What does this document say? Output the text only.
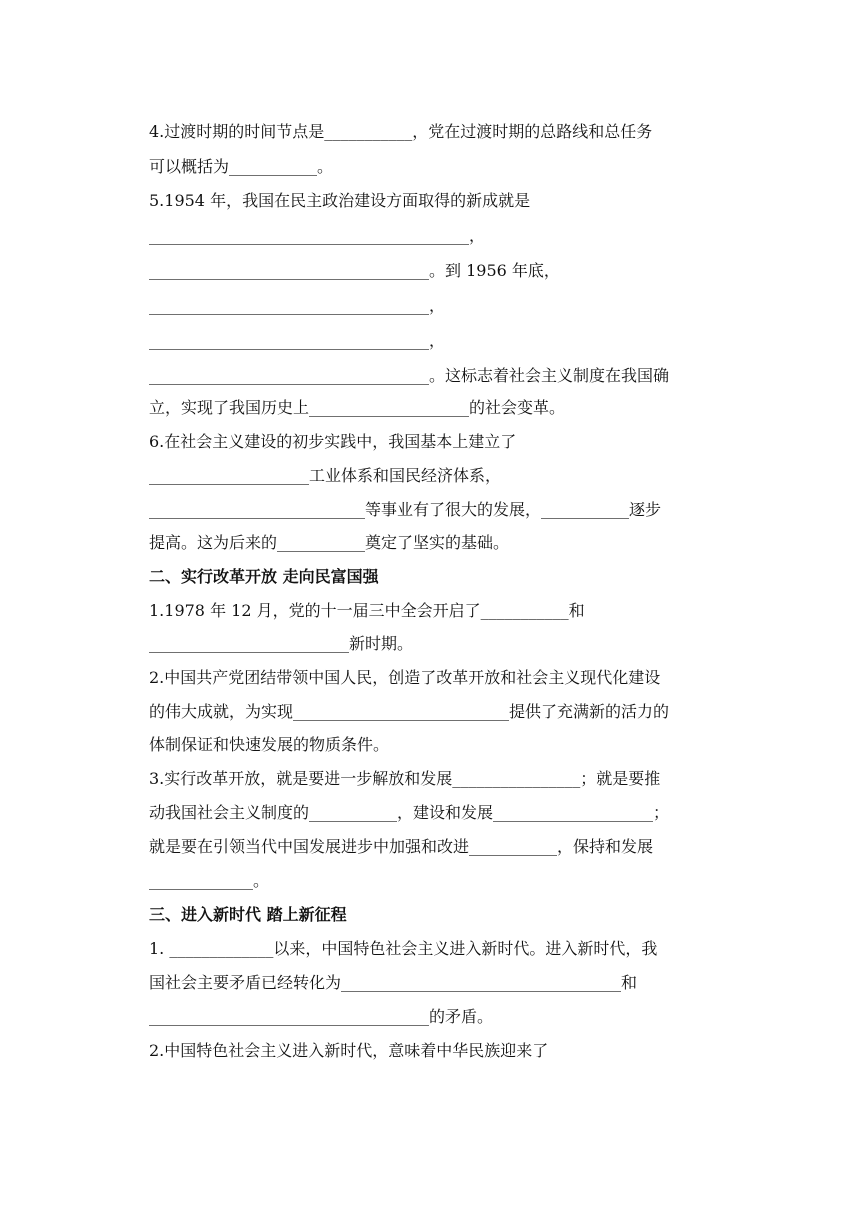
4.过渡时期的时间节点是___________，党在过渡时期的总路线和总任务
可以概括为___________。
5.1954 年，我国在民主政治建设方面取得的新成就是
________________________________________，
___________________________________。到 1956 年底，
___________________________________，
___________________________________，
___________________________________。这标志着社会主义制度在我国确
立，实现了我国历史上____________________的社会变革。
6.在社会主义建设的初步实践中，我国基本上建立了
____________________工业体系和国民经济体系，
___________________________等事业有了很大的发展，___________逐步
提高。这为后来的___________奠定了坚实的基础。
二、实行改革开放 走向民富国强
1.1978 年 12 月，党的十一届三中全会开启了___________和
_________________________新时期。
2.中国共产党团结带领中国人民，创造了改革开放和社会主义现代化建设
的伟大成就，为实现___________________________提供了充满新的活力的
体制保证和快速发展的物质条件。
3.实行改革开放，就是要进一步解放和发展________________；就是要推
动我国社会主义制度的___________，建设和发展____________________；
就是要在引领当代中国发展进步中加强和改进___________，保持和发展
_____________。
三、进入新时代 踏上新征程
1. _____________以来，中国特色社会主义进入新时代。进入新时代，我
国社会主要矛盾已经转化为___________________________________和
___________________________________的矛盾。
2.中国特色社会主义进入新时代，意味着中华民族迎来了
